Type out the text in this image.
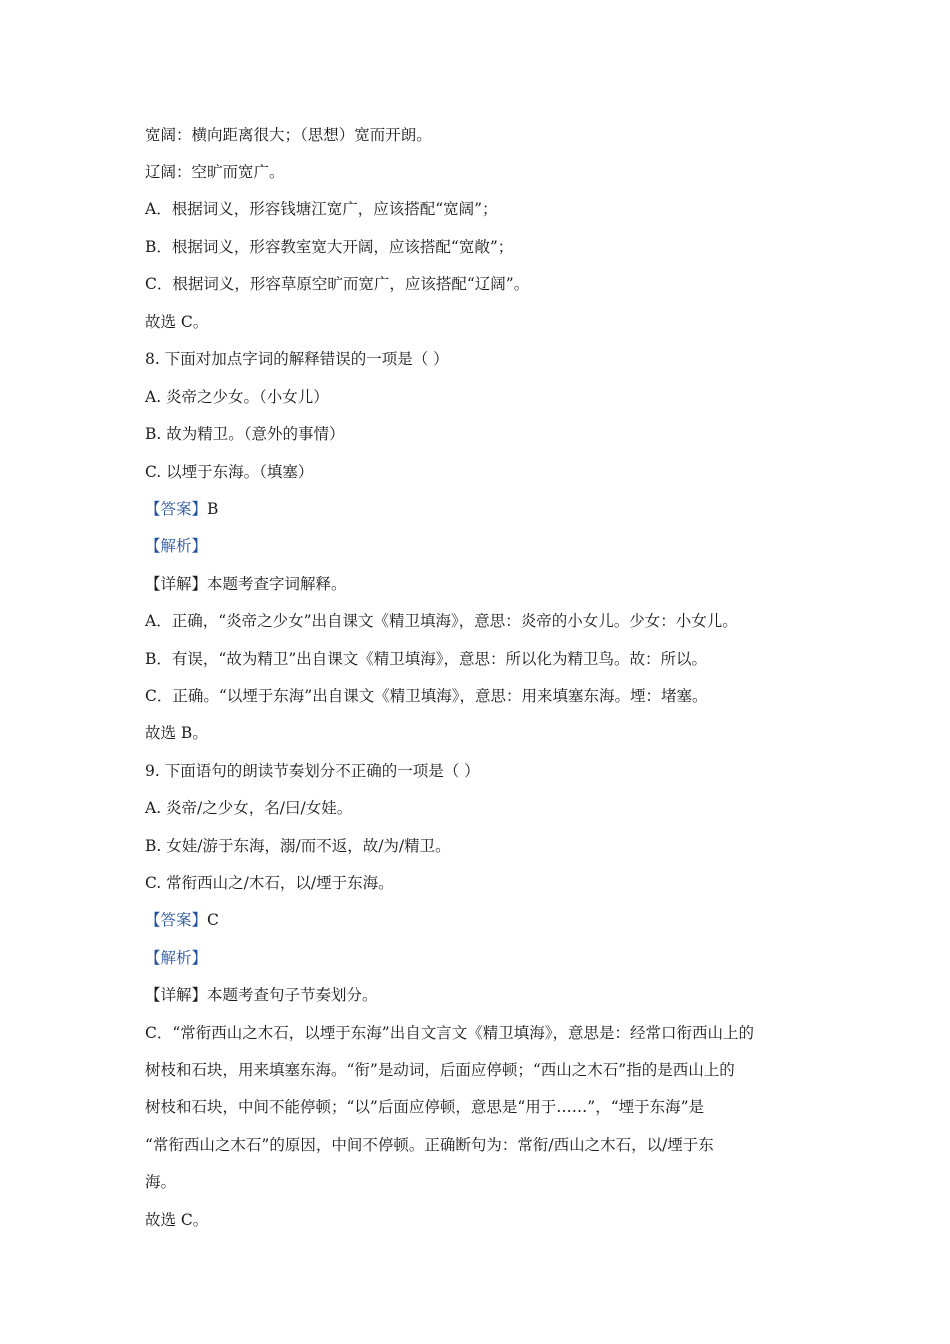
宽阔：横向距离很大；（思想）宽而开朗。
辽阔：空旷而宽广。
A．根据词义，形容钱塘江宽广，应该搭配“宽阔”；
B．根据词义，形容教室宽大开阔，应该搭配“宽敞”；
C．根据词义，形容草原空旷而宽广，应该搭配“辽阔”。
故选 C。
8. 下面对加点字词的解释错误的一项是（ ）
A. 炎帝之少女。（小女儿）
B. 故为精卫。（意外的事情）
C. 以堙于东海。（填塞）
【答案】B
【解析】
【详解】本题考查字词解释。
A．正确，“炎帝之少女”出自课文《精卫填海》，意思：炎帝的小女儿。少女：小女儿。
B．有误，“故为精卫”出自课文《精卫填海》，意思：所以化为精卫鸟。故：所以。
C．正确。“以堙于东海”出自课文《精卫填海》，意思：用来填塞东海。堙：堵塞。
故选 B。
9. 下面语句的朗读节奏划分不正确的一项是（ ）
A. 炎帝/之少女，名/曰/女娃。
B. 女娃/游于东海，溺/而不返，故/为/精卫。
C. 常衔西山之/木石，以/堙于东海。
【答案】C
【解析】
【详解】本题考查句子节奏划分。
C．“常衔西山之木石，以堙于东海”出自文言文《精卫填海》，意思是：经常口衔西山上的
树枝和石块，用来填塞东海。“衔”是动词，后面应停顿；“西山之木石”指的是西山上的
树枝和石块，中间不能停顿；“以”后面应停顿，意思是“用于……”，“堙于东海”是
“常衔西山之木石”的原因，中间不停顿。正确断句为：常衔/西山之木石，以/堙于东
海。
故选 C。
